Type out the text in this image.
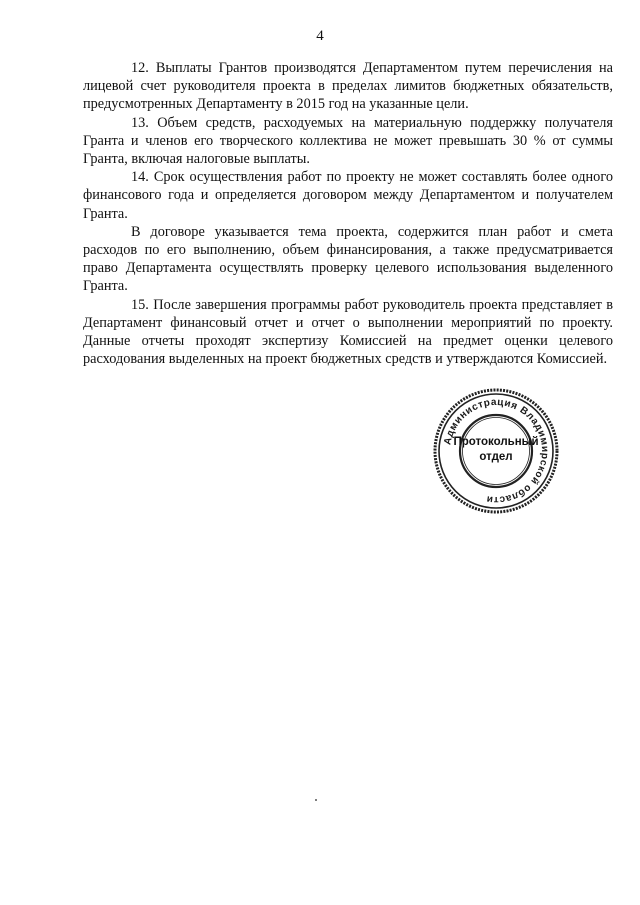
4

12. Выплаты Грантов производятся Департаментом путем перечисления на лицевой счет руководителя проекта в пределах лимитов бюджетных обязательств, предусмотренных Департаменту в 2015 год на указанные цели.

13. Объем средств, расходуемых на материальную поддержку получателя Гранта и членов его творческого коллектива не может превышать 30 % от суммы Гранта, включая налоговые выплаты.

14. Срок осуществления работ по проекту не может составлять более одного финансового года и определяется договором между Департаментом и получателем Гранта.

В договоре указывается тема проекта, содержится план работ и смета расходов по его выполнению, объем финансирования, а также предусматривается право Департамента осуществлять проверку целевого использования выделенного Гранта.

15. После завершения программы работ руководитель проекта представляет в Департамент финансовый отчет и отчет о выполнении мероприятий по проекту. Данные отчеты проходят экспертизу Комиссией на предмет оценки целевого расходования выделенных на проект бюджетных средств и утверждаются Комиссией.

Администрация Владимирской области
Протокольный
отдел
